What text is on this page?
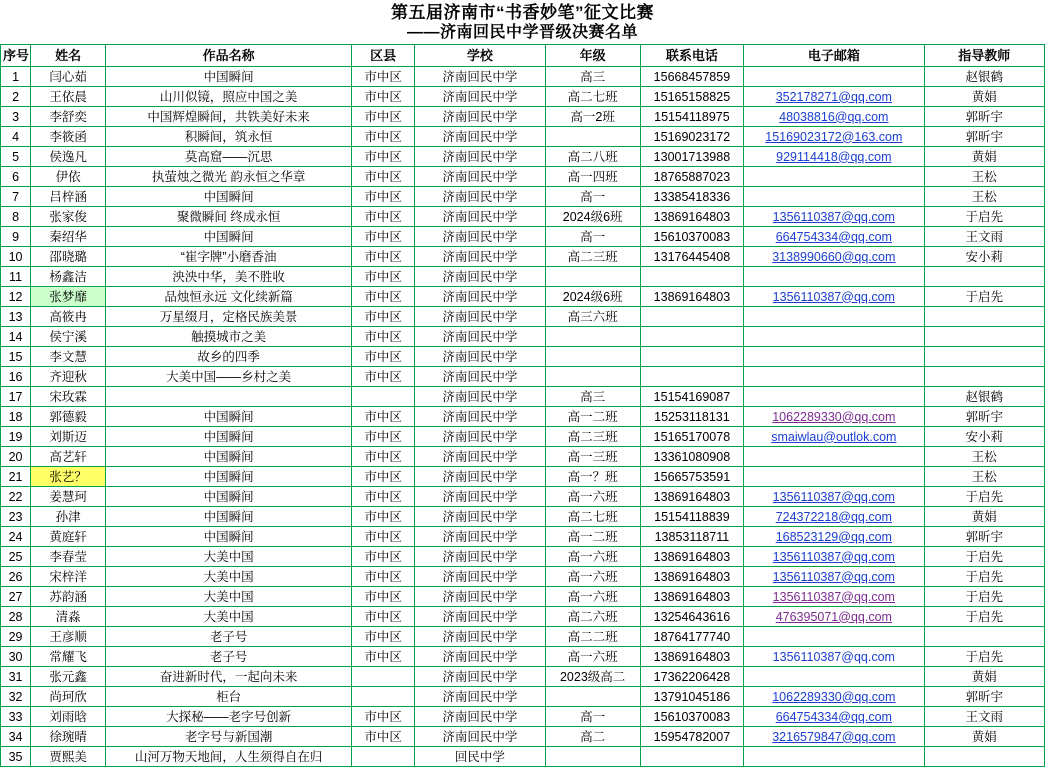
第五届济南市“书香妙笔”征文比赛
——济南回民中学晋级决赛名单
序号	姓名	作品名称	区县	学校	年级	联系电话	电子邮箱	指导教师
1	闫心茹	中国瞬间	市中区	济南回民中学	高三	15668457859		赵银鹤
2	王依晨	山川似镜，照应中国之美	市中区	济南回民中学	高二七班	15165158825	352178271@qq.com	黄娟
3	李舒奕	中国辉煌瞬间，共铁美好未来	市中区	济南回民中学	高一2班	15154118975	48038816@qq.com	郭昕宇
4	李筱函	积瞬间，筑永恒	市中区	济南回民中学		15169023172	15169023172@163.com	郭昕宇
5	侯逸凡	莫高窟——沉思	市中区	济南回民中学	高二八班	13001713988	929114418@qq.com	黄娟
6	伊依	执萤烛之微光 韵永恒之华章	市中区	济南回民中学	高一四班	18765887023		王松
7	吕梓涵	中国瞬间	市中区	济南回民中学	高一	13385418336		王松
8	张家俊	聚微瞬间 终成永恒	市中区	济南回民中学	2024级6班	13869164803	1356110387@qq.com	于启先
9	秦绍华	中国瞬间	市中区	济南回民中学	高一	15610370083	664754334@qq.com	王文雨
10	邵晓璐	“崔字牌”小磨香油	市中区	济南回民中学	高二三班	13176445408	3138990660@qq.com	安小莉
11	杨鑫洁	泱泱中华，美不胜收	市中区	济南回民中学				
12	张梦靡	品烛恒永远 文化续新篇	市中区	济南回民中学	2024级6班	13869164803	1356110387@qq.com	于启先
13	高筱冉	万星缀月，定格民族美景	市中区	济南回民中学	高三六班			
14	侯宁溪	触摸城市之美	市中区	济南回民中学				
15	李文慧	故乡的四季	市中区	济南回民中学				
16	齐迎秋	大美中国——乡村之美	市中区	济南回民中学				
17	宋玫霖			济南回民中学	高三	15154169087		赵银鹤
18	郭德毅	中国瞬间	市中区	济南回民中学	高一二班	15253118131	1062289330@qq.com	郭昕宇
19	刘斯迈	中国瞬间	市中区	济南回民中学	高二三班	15165170078	smaiwlau@outlok.com	安小莉
20	高艺轩	中国瞬间	市中区	济南回民中学	高一三班	13361080908		王松
21	张艺？	中国瞬间	市中区	济南回民中学	高一？班	15665753591		王松
22	姜慧珂	中国瞬间	市中区	济南回民中学	高一六班	13869164803	1356110387@qq.com	于启先
23	孙津	中国瞬间	市中区	济南回民中学	高二七班	15154118839	724372218@qq.com	黄娟
24	黄庭轩	中国瞬间	市中区	济南回民中学	高一二班	13853118711	168523129@qq.com	郭昕宇
25	李春莹	大美中国	市中区	济南回民中学	高一六班	13869164803	1356110387@qq.com	于启先
26	宋梓洋	大美中国	市中区	济南回民中学	高一六班	13869164803	1356110387@qq.com	于启先
27	苏韵涵	大美中国	市中区	济南回民中学	高一六班	13869164803	1356110387@qq.com	于启先
28	清淼	大美中国	市中区	济南回民中学	高二六班	13254643616	476395071@qq.com	于启先
29	王彦顺	老子号	市中区	济南回民中学	高二二班	18764177740		
30	常耀飞	老子号	市中区	济南回民中学	高一六班	13869164803	1356110387@qq.com	于启先
31	张元鑫	奋进新时代，一起向未来		济南回民中学	2023级高二	17362206428		黄娟
32	尚珂欣	柜台		济南回民中学		13791045186	1062289330@qq.com	郭昕宇
33	刘雨晗	大探秘——老字号创新	市中区	济南回民中学	高一	15610370083	664754334@qq.com	王文雨
34	徐琬晴	老字号与新国潮	市中区	济南回民中学	高二	15954782007	3216579847@qq.com	黄娟
35	贾熙美	山河万物天地间，人生须得自在归		回民中学				
